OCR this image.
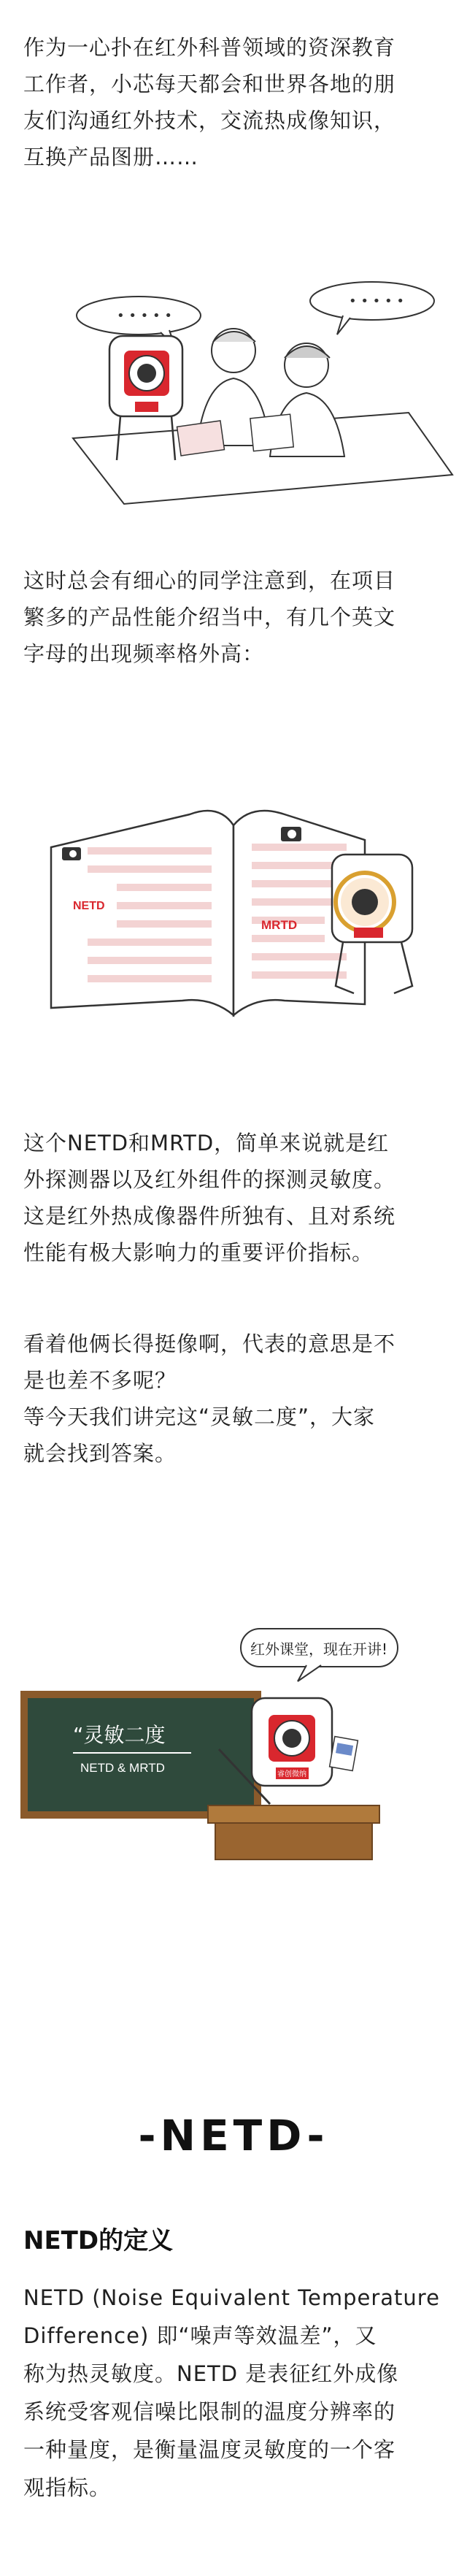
作为一心扑在红外科普领域的资深教育

工作者，小芯每天都会和世界各地的朋

友们沟通红外技术，交流热成像知识，

互换产品图册……

• • • • •
• • • • •

这时总会有细心的同学注意到，在项目

繁多的产品性能介绍当中，有几个英文

字母的出现频率格外高：

NETD
MRTD

这个NETD和MRTD，简单来说就是红

外探测器以及红外组件的探测灵敏度。

这是红外热成像器件所独有、且对系统

性能有极大影响力的重要评价指标。

看着他俩长得挺像啊，代表的意思是不

是也差不多呢？

等今天我们讲完这“灵敏二度”，大家

就会找到答案。

红外课堂，现在开讲!
“灵敏二度
NETD & MRTD	睿创微纳
-NETD-
NETD的定义

NETD (Noise Equivalent Temperature

Difference) 即“噪声等效温差”，又

称为热灵敏度。NETD 是表征红外成像

系统受客观信噪比限制的温度分辨率的

一种量度，是衡量温度灵敏度的一个客

观指标。
